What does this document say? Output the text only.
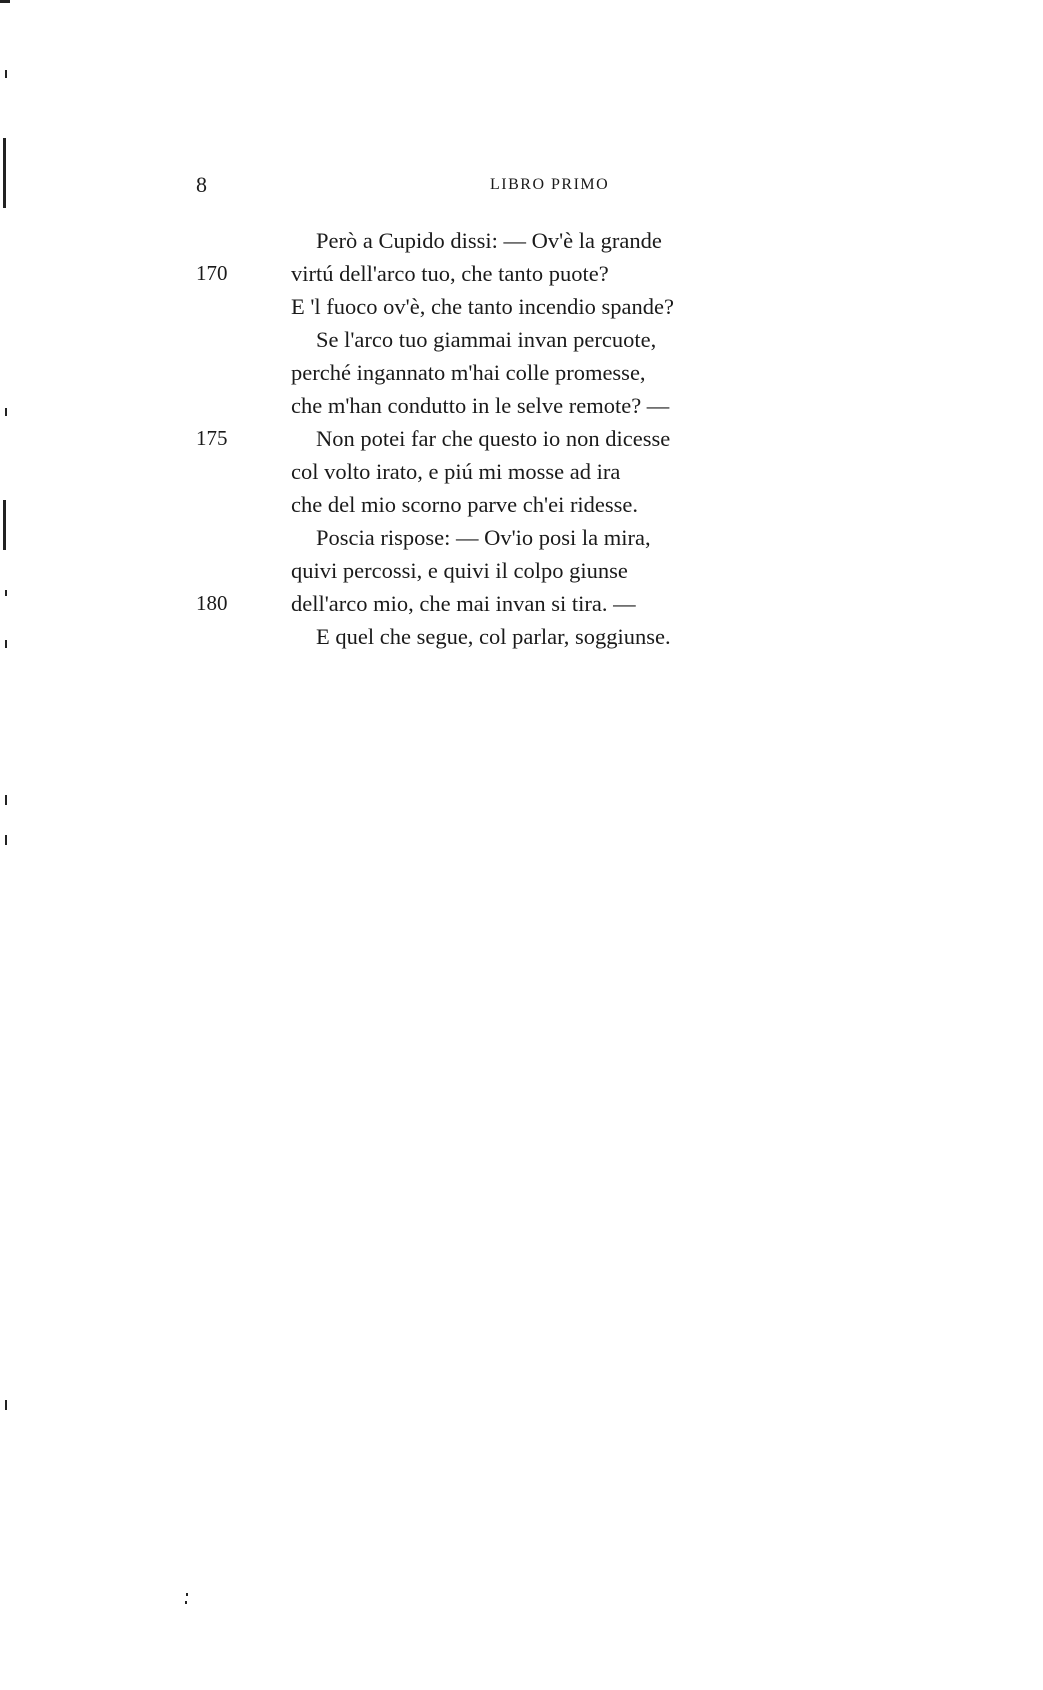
8	LIBRO PRIMO
Però a Cupido dissi: — Ov'è la grande
170	virtú dell'arco tuo, che tanto puote?
E 'l fuoco ov'è, che tanto incendio spande?
Se l'arco tuo giammai invan percuote,
perché ingannato m'hai colle promesse,
che m'han condutto in le selve remote? —
175	Non potei far che questo io non dicesse
col volto irato, e piú mi mosse ad ira
che del mio scorno parve ch'ei ridesse.
Poscia rispose: — Ov'io posi la mira,
quivi percossi, e quivi il colpo giunse
180	dell'arco mio, che mai invan si tira. —
E quel che segue, col parlar, soggiunse.
